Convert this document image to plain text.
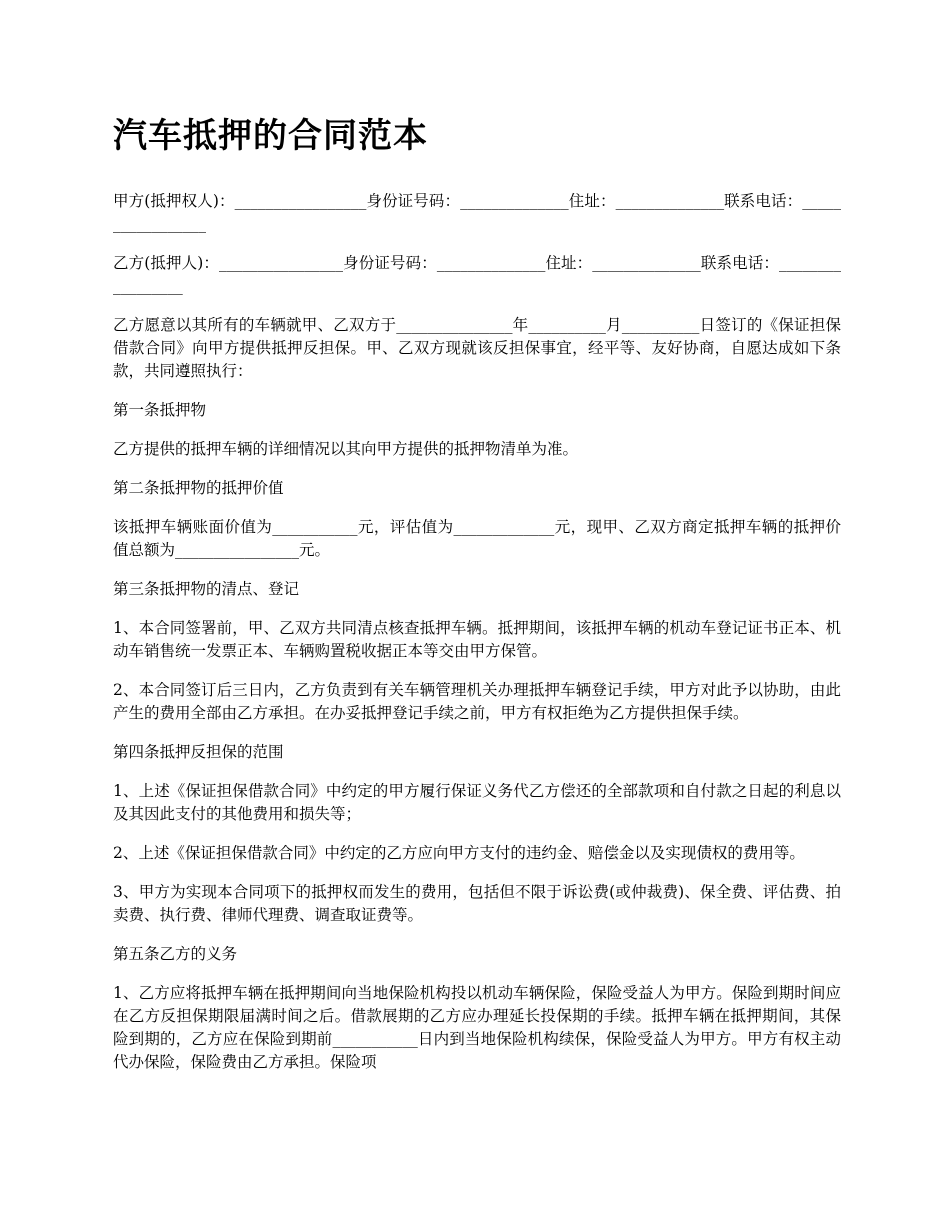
汽车抵押的合同范本

甲方(抵押权人)：_________________身份证号码：______________住址：______________联系电话：_________________

乙方(抵押人)：________________身份证号码：______________住址：______________联系电话：_________________

乙方愿意以其所有的车辆就甲、乙双方于_______________年__________月__________日签订的《保证担保借款合同》向甲方提供抵押反担保。甲、乙双方现就该反担保事宜，经平等、友好协商，自愿达成如下条款，共同遵照执行：

第一条抵押物

乙方提供的抵押车辆的详细情况以其向甲方提供的抵押物清单为准。

第二条抵押物的抵押价值

该抵押车辆账面价值为___________元，评估值为_____________元，现甲、乙双方商定抵押车辆的抵押价值总额为________________元。

第三条抵押物的清点、登记

1、本合同签署前，甲、乙双方共同清点核查抵押车辆。抵押期间，该抵押车辆的机动车登记证书正本、机动车销售统一发票正本、车辆购置税收据正本等交由甲方保管。

2、本合同签订后三日内，乙方负责到有关车辆管理机关办理抵押车辆登记手续，甲方对此予以协助，由此产生的费用全部由乙方承担。在办妥抵押登记手续之前，甲方有权拒绝为乙方提供担保手续。

第四条抵押反担保的范围

1、上述《保证担保借款合同》中约定的甲方履行保证义务代乙方偿还的全部款项和自付款之日起的利息以及其因此支付的其他费用和损失等；

2、上述《保证担保借款合同》中约定的乙方应向甲方支付的违约金、赔偿金以及实现债权的费用等。

3、甲方为实现本合同项下的抵押权而发生的费用，包括但不限于诉讼费(或仲裁费)、保全费、评估费、拍卖费、执行费、律师代理费、调查取证费等。

第五条乙方的义务

1、乙方应将抵押车辆在抵押期间向当地保险机构投以机动车辆保险，保险受益人为甲方。保险到期时间应在乙方反担保期限届满时间之后。借款展期的乙方应办理延长投保期的手续。抵押车辆在抵押期间，其保险到期的，乙方应在保险到期前___________日内到当地保险机构续保，保险受益人为甲方。甲方有权主动代办保险，保险费由乙方承担。保险项
